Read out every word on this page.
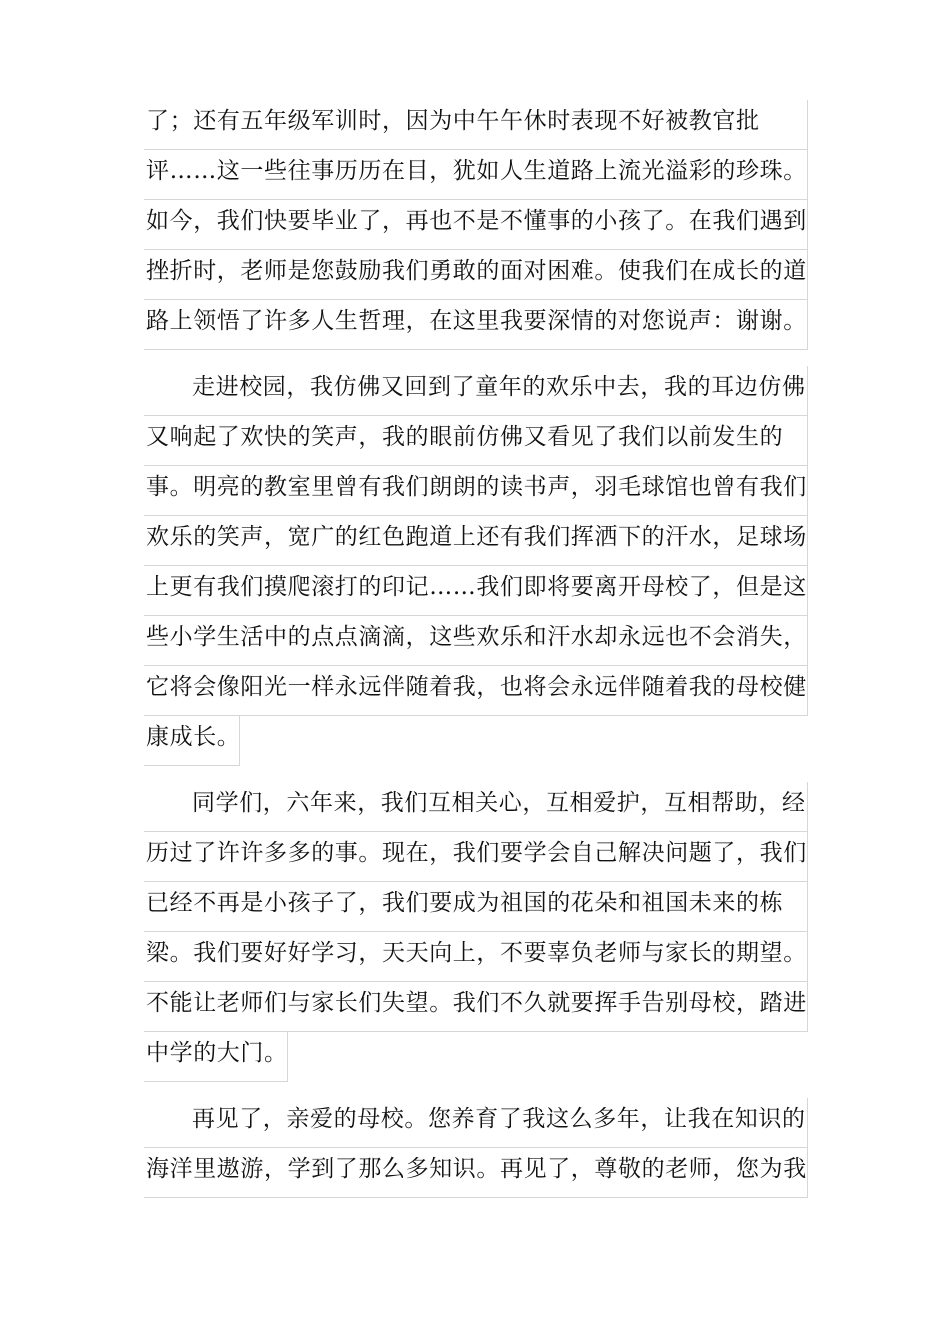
了；还有五年级军训时，因为中午午休时表现不好被教官批
评……这一些往事历历在目，犹如人生道路上流光溢彩的珍珠。
如今，我们快要毕业了，再也不是不懂事的小孩了。在我们遇到
挫折时，老师是您鼓励我们勇敢的面对困难。使我们在成长的道
路上领悟了许多人生哲理，在这里我要深情的对您说声：谢谢。
走进校园，我仿佛又回到了童年的欢乐中去，我的耳边仿佛
又响起了欢快的笑声，我的眼前仿佛又看见了我们以前发生的
事。明亮的教室里曾有我们朗朗的读书声，羽毛球馆也曾有我们
欢乐的笑声，宽广的红色跑道上还有我们挥洒下的汗水，足球场
上更有我们摸爬滚打的印记……我们即将要离开母校了，但是这
些小学生活中的点点滴滴，这些欢乐和汗水却永远也不会消失，
它将会像阳光一样永远伴随着我，也将会永远伴随着我的母校健
康成长。
同学们，六年来，我们互相关心，互相爱护，互相帮助，经
历过了许许多多的事。现在，我们要学会自己解决问题了，我们
已经不再是小孩子了，我们要成为祖国的花朵和祖国未来的栋
梁。我们要好好学习，天天向上，不要辜负老师与家长的期望。
不能让老师们与家长们失望。我们不久就要挥手告别母校，踏进
中学的大门。
再见了，亲爱的母校。您养育了我这么多年，让我在知识的
海洋里遨游，学到了那么多知识。再见了，尊敬的老师，您为我
